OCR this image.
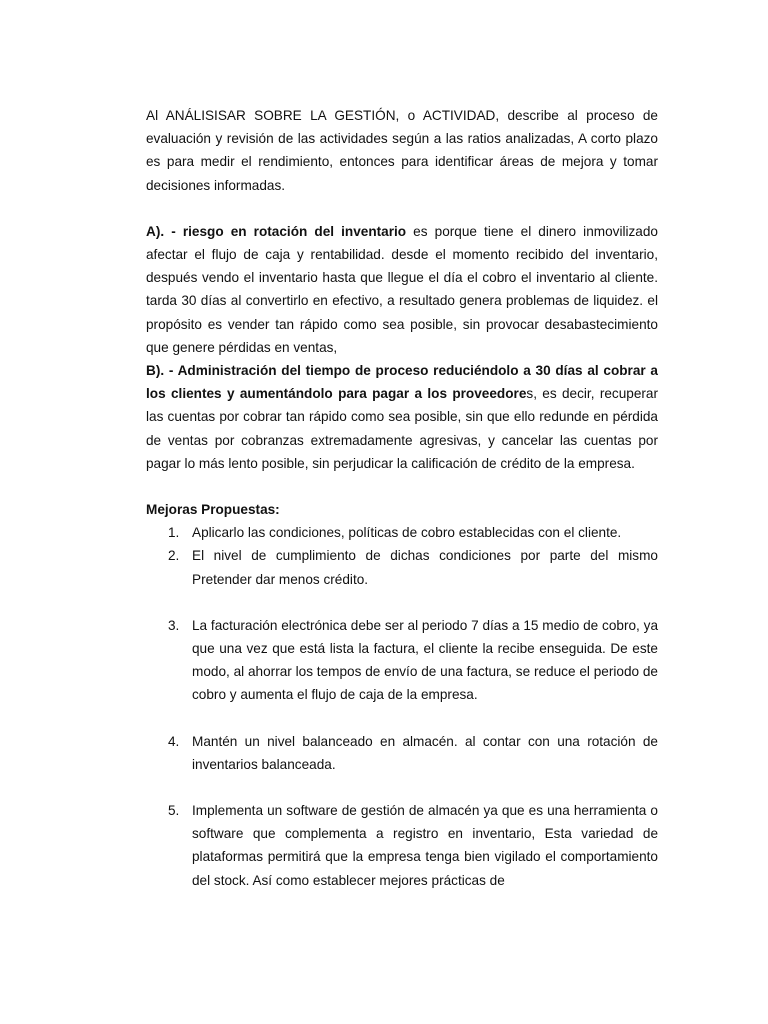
Al ANÁLISISAR SOBRE LA GESTIÓN, o ACTIVIDAD, describe al proceso de evaluación y revisión de las actividades según a las ratios analizadas, A corto plazo es para medir el rendimiento, entonces para identificar áreas de mejora y tomar decisiones informadas.

A). - riesgo en rotación del inventario es porque tiene el dinero inmovilizado afectar el flujo de caja y rentabilidad. desde el momento recibido del inventario, después vendo el inventario hasta que llegue el día el cobro el inventario al cliente. tarda 30 días al convertirlo en efectivo, a resultado genera problemas de liquidez. el propósito es vender tan rápido como sea posible, sin provocar desabastecimiento que genere pérdidas en ventas,

B). - Administración del tiempo de proceso reduciéndolo a 30 días al cobrar a los clientes y aumentándolo para pagar a los proveedores, es decir, recuperar las cuentas por cobrar tan rápido como sea posible, sin que ello redunde en pérdida de ventas por cobranzas extremadamente agresivas, y cancelar las cuentas por pagar lo más lento posible, sin perjudicar la calificación de crédito de la empresa.

Mejoras Propuestas:

1. Aplicarlo las condiciones, políticas de cobro establecidas con el cliente.
2. El nivel de cumplimiento de dichas condiciones por parte del mismo Pretender dar menos crédito.
3. La facturación electrónica debe ser al periodo 7 días a 15 medio de cobro, ya que una vez que está lista la factura, el cliente la recibe enseguida. De este modo, al ahorrar los tempos de envío de una factura, se reduce el periodo de cobro y aumenta el flujo de caja de la empresa.
4. Mantén un nivel balanceado en almacén. al contar con una rotación de inventarios balanceada.
5. Implementa un software de gestión de almacén ya que es una herramienta o software que complementa a registro en inventario, Esta variedad de plataformas permitirá que la empresa tenga bien vigilado el comportamiento del stock. Así como establecer mejores prácticas de
